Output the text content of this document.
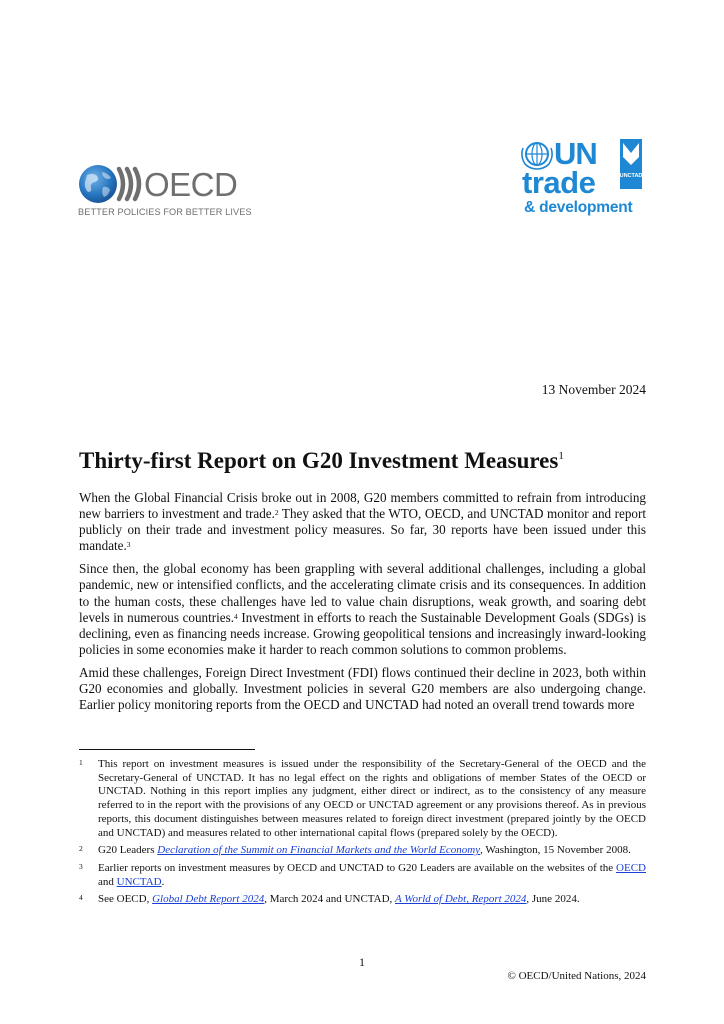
OECD
BETTER POLICIES FOR BETTER LIVES
UN
UNCTAD
trade
& development
13 November 2024
Thirty-first Report on G20 Investment Measures$^1$

When the Global Financial Crisis broke out in 2008, G20 members committed to refrain from introducing new barriers to investment and trade.$^2$ They asked that the WTO, OECD, and UNCTAD monitor and report publicly on their trade and investment policy measures. So far, 30 reports have been issued under this mandate.$^3$

Since then, the global economy has been grappling with several additional challenges, including a global pandemic, new or intensified conflicts, and the accelerating climate crisis and its consequences. In addition to the human costs, these challenges have led to value chain disruptions, weak growth, and soaring debt levels in numerous countries.$^4$ Investment in efforts to reach the Sustainable Development Goals (SDGs) is declining, even as financing needs increase. Growing geopolitical tensions and increasingly inward-looking policies in some economies make it harder to reach common solutions to common problems.

Amid these challenges, Foreign Direct Investment (FDI) flows continued their decline in 2023, both within G20 economies and globally. Investment policies in several G20 members are also undergoing change. Earlier policy monitoring reports from the OECD and UNCTAD had noted an overall trend towards more

1 This report on investment measures is issued under the responsibility of the Secretary-General of the OECD and the Secretary-General of UNCTAD. It has no legal effect on the rights and obligations of member States of the OECD or UNCTAD. Nothing in this report implies any judgment, either direct or indirect, as to the consistency of any measure referred to in the report with the provisions of any OECD or UNCTAD agreement or any provisions thereof. As in previous reports, this document distinguishes between measures related to foreign direct investment (prepared jointly by the OECD and UNCTAD) and measures related to other international capital flows (prepared solely by the OECD).
2 G20 Leaders Declaration of the Summit on Financial Markets and the World Economy, Washington, 15 November 2008.
3 Earlier reports on investment measures by OECD and UNCTAD to G20 Leaders are available on the websites of the OECD and UNCTAD.
4 See OECD, Global Debt Report 2024, March 2024 and UNCTAD, A World of Debt, Report 2024, June 2024.
1
© OECD/United Nations, 2024
